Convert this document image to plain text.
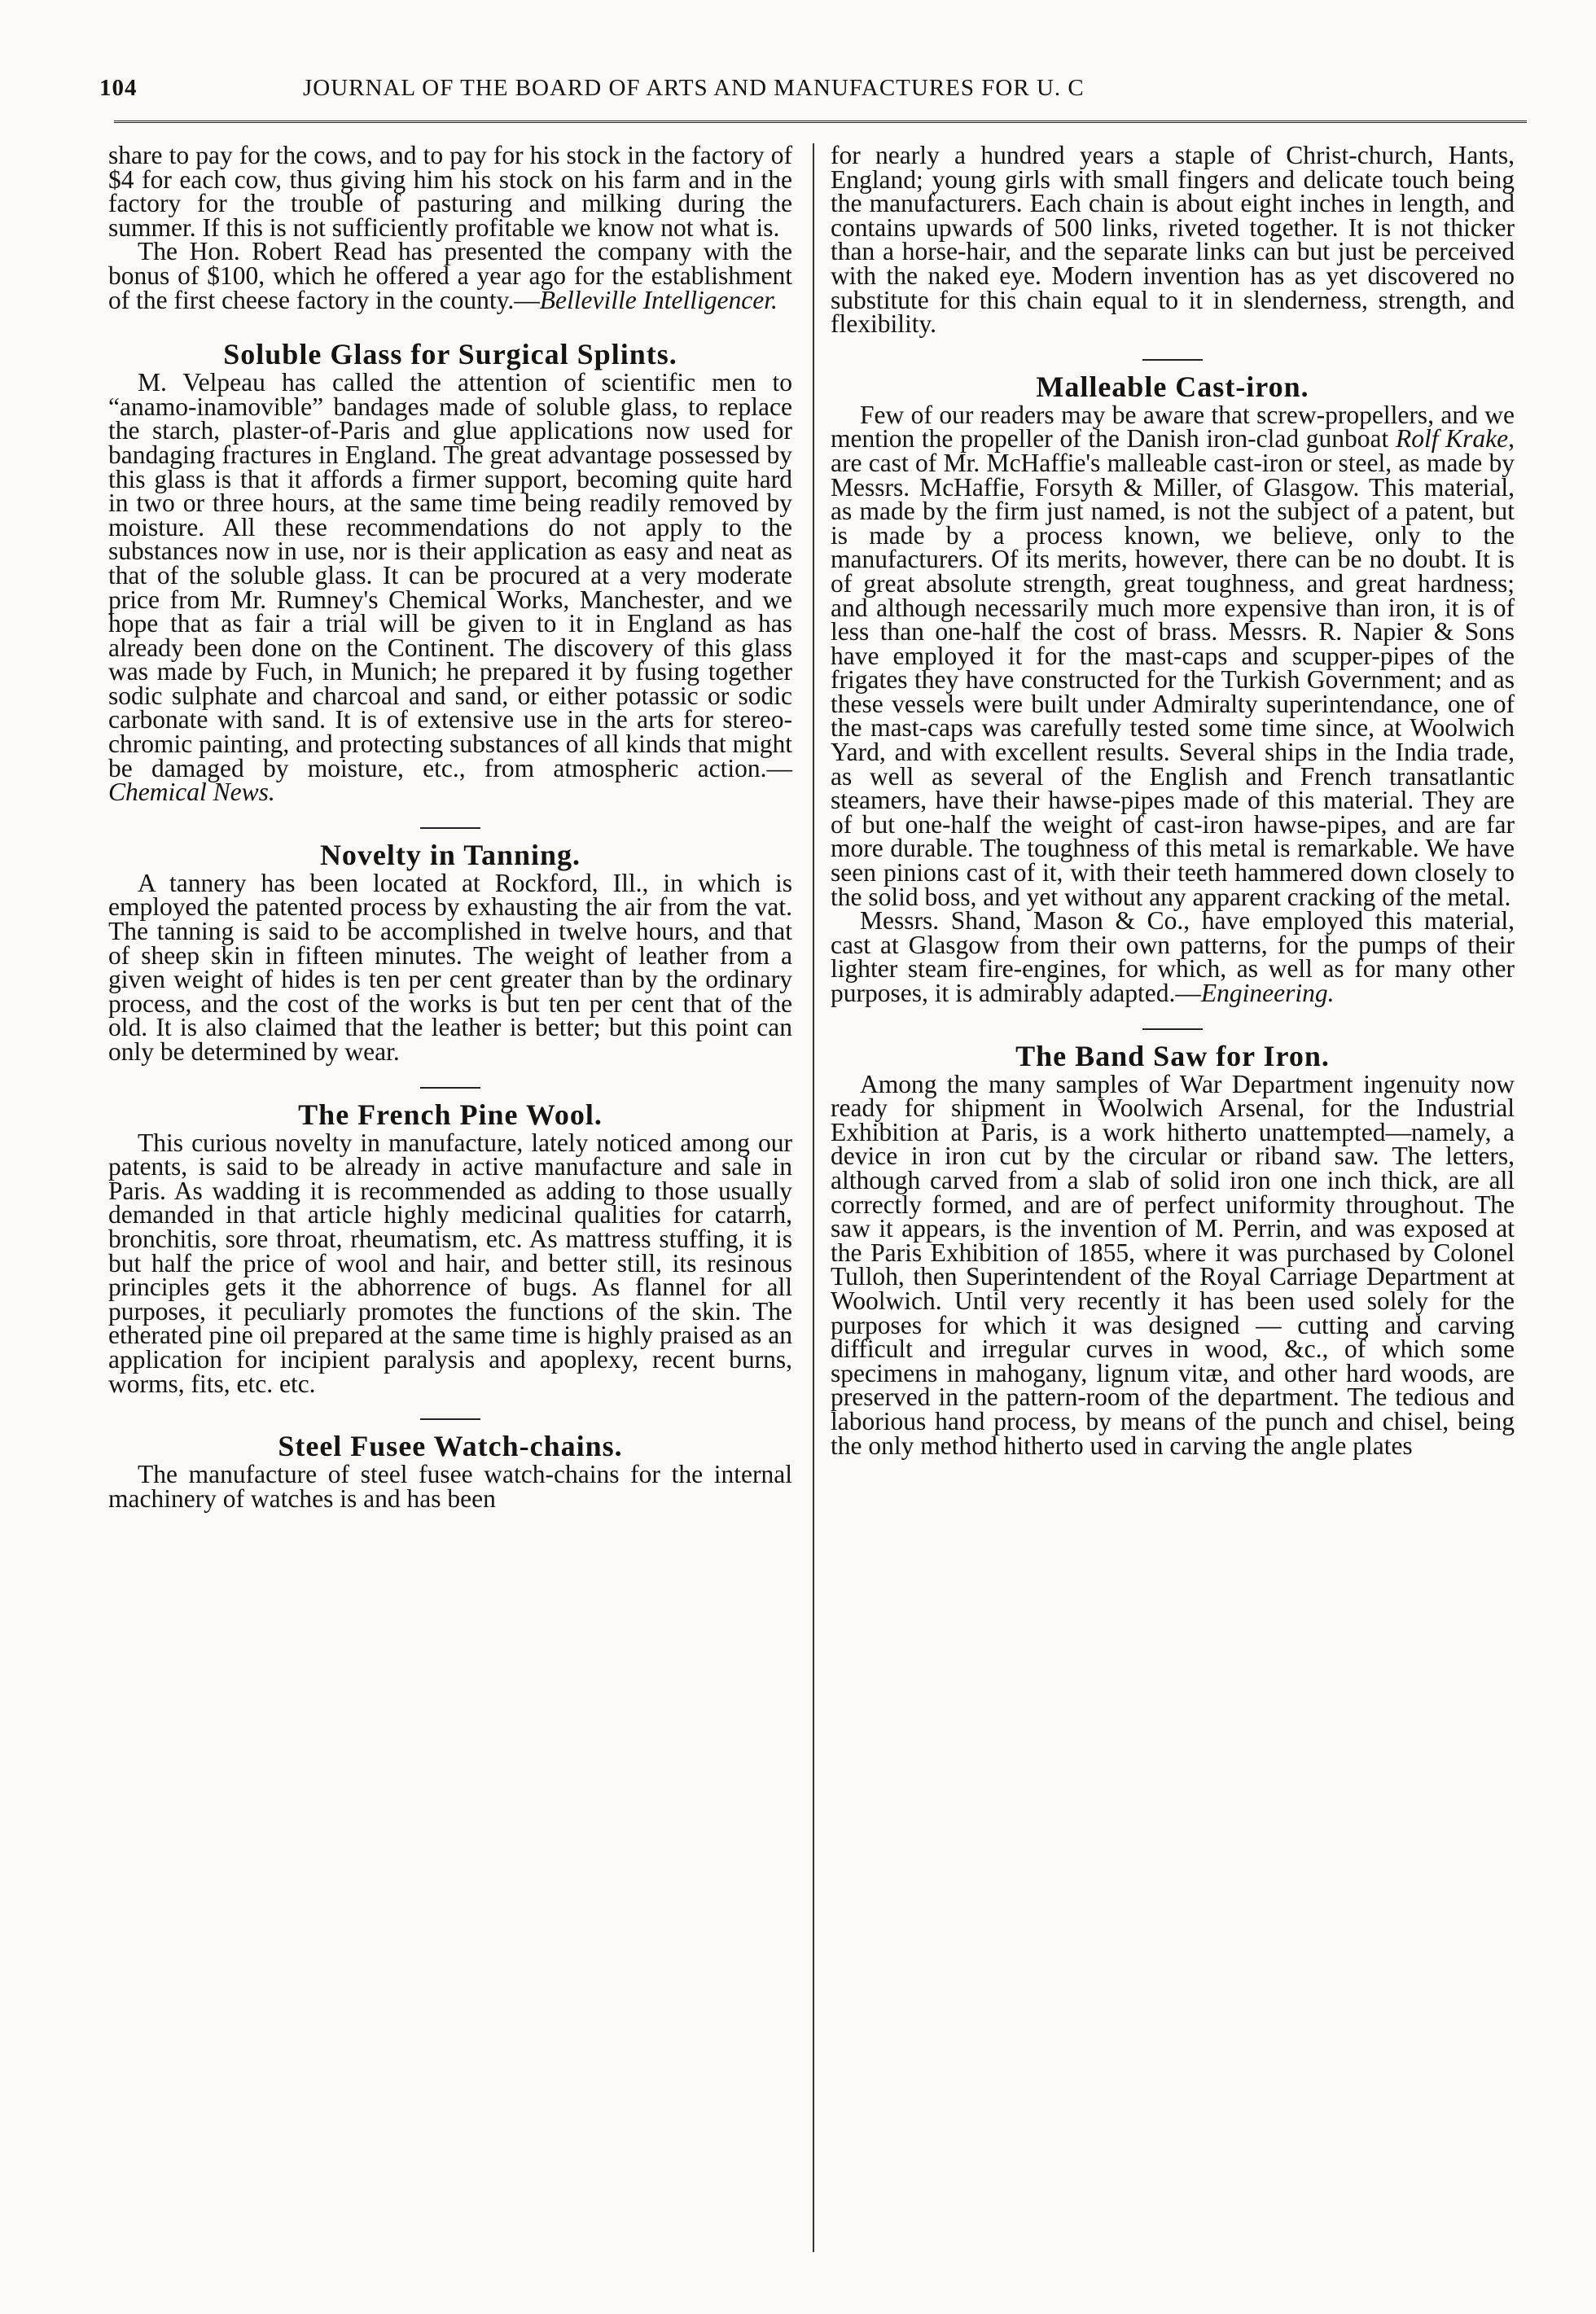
104	JOURNAL OF THE BOARD OF ARTS AND MANUFACTURES FOR U. C

share to pay for the cows, and to pay for his stock in the factory of $4 for each cow, thus giving him his stock on his farm and in the factory for the trouble of pasturing and milking during the summer. If this is not sufficiently profitable we know not what is.

The Hon. Robert Read has presented the company with the bonus of $100, which he offered a year ago for the establishment of the first cheese factory in the county.—Belleville Intelligencer.

Soluble Glass for Surgical Splints.

M. Velpeau has called the attention of scientific men to “anamo-inamovible” bandages made of soluble glass, to replace the starch, plaster-of-Paris and glue applications now used for bandaging fractures in England. The great advantage possessed by this glass is that it affords a firmer support, becoming quite hard in two or three hours, at the same time being readily removed by moisture. All these recommendations do not apply to the substances now in use, nor is their application as easy and neat as that of the soluble glass. It can be procured at a very moderate price from Mr. Rumney's Chemical Works, Manchester, and we hope that as fair a trial will be given to it in England as has already been done on the Continent. The discovery of this glass was made by Fuch, in Munich; he prepared it by fusing together sodic sulphate and charcoal and sand, or either potassic or sodic carbonate with sand. It is of extensive use in the arts for stereo-chromic painting, and protecting substances of all kinds that might be damaged by moisture, etc., from atmospheric action.—Chemical News.

Novelty in Tanning.

A tannery has been located at Rockford, Ill., in which is employed the patented process by exhausting the air from the vat. The tanning is said to be accomplished in twelve hours, and that of sheep skin in fifteen minutes. The weight of leather from a given weight of hides is ten per cent greater than by the ordinary process, and the cost of the works is but ten per cent that of the old. It is also claimed that the leather is better; but this point can only be determined by wear.

The French Pine Wool.

This curious novelty in manufacture, lately noticed among our patents, is said to be already in active manufacture and sale in Paris. As wadding it is recommended as adding to those usually demanded in that article highly medicinal qualities for catarrh, bronchitis, sore throat, rheumatism, etc. As mattress stuffing, it is but half the price of wool and hair, and better still, its resinous principles gets it the abhorrence of bugs. As flannel for all purposes, it peculiarly promotes the functions of the skin. The etherated pine oil prepared at the same time is highly praised as an application for incipient paralysis and apoplexy, recent burns, worms, fits, etc. etc.

Steel Fusee Watch-chains.

The manufacture of steel fusee watch-chains for the internal machinery of watches is and has been

for nearly a hundred years a staple of Christ-church, Hants, England; young girls with small fingers and delicate touch being the manufacturers. Each chain is about eight inches in length, and contains upwards of 500 links, riveted together. It is not thicker than a horse-hair, and the separate links can but just be perceived with the naked eye. Modern invention has as yet discovered no substitute for this chain equal to it in slenderness, strength, and flexibility.

Malleable Cast-iron.

Few of our readers may be aware that screw-propellers, and we mention the propeller of the Danish iron-clad gunboat Rolf Krake, are cast of Mr. McHaffie's malleable cast-iron or steel, as made by Messrs. McHaffie, Forsyth & Miller, of Glasgow. This material, as made by the firm just named, is not the subject of a patent, but is made by a process known, we believe, only to the manufacturers. Of its merits, however, there can be no doubt. It is of great absolute strength, great toughness, and great hardness; and although necessarily much more expensive than iron, it is of less than one-half the cost of brass. Messrs. R. Napier & Sons have employed it for the mast-caps and scupper-pipes of the frigates they have constructed for the Turkish Government; and as these vessels were built under Admiralty superintendance, one of the mast-caps was carefully tested some time since, at Woolwich Yard, and with excellent results. Several ships in the India trade, as well as several of the English and French transatlantic steamers, have their hawse-pipes made of this material. They are of but one-half the weight of cast-iron hawse-pipes, and are far more durable. The toughness of this metal is remarkable. We have seen pinions cast of it, with their teeth hammered down closely to the solid boss, and yet without any apparent cracking of the metal.

Messrs. Shand, Mason & Co., have employed this material, cast at Glasgow from their own patterns, for the pumps of their lighter steam fire-engines, for which, as well as for many other purposes, it is admirably adapted.—Engineering.

The Band Saw for Iron.

Among the many samples of War Department ingenuity now ready for shipment in Woolwich Arsenal, for the Industrial Exhibition at Paris, is a work hitherto unattempted—namely, a device in iron cut by the circular or riband saw. The letters, although carved from a slab of solid iron one inch thick, are all correctly formed, and are of perfect uniformity throughout. The saw it appears, is the invention of M. Perrin, and was exposed at the Paris Exhibition of 1855, where it was purchased by Colonel Tulloh, then Superintendent of the Royal Carriage Department at Woolwich. Until very recently it has been used solely for the purposes for which it was designed — cutting and carving difficult and irregular curves in wood, &c., of which some specimens in mahogany, lignum vitæ, and other hard woods, are preserved in the pattern-room of the department. The tedious and laborious hand process, by means of the punch and chisel, being the only method hitherto used in carving the angle plates
